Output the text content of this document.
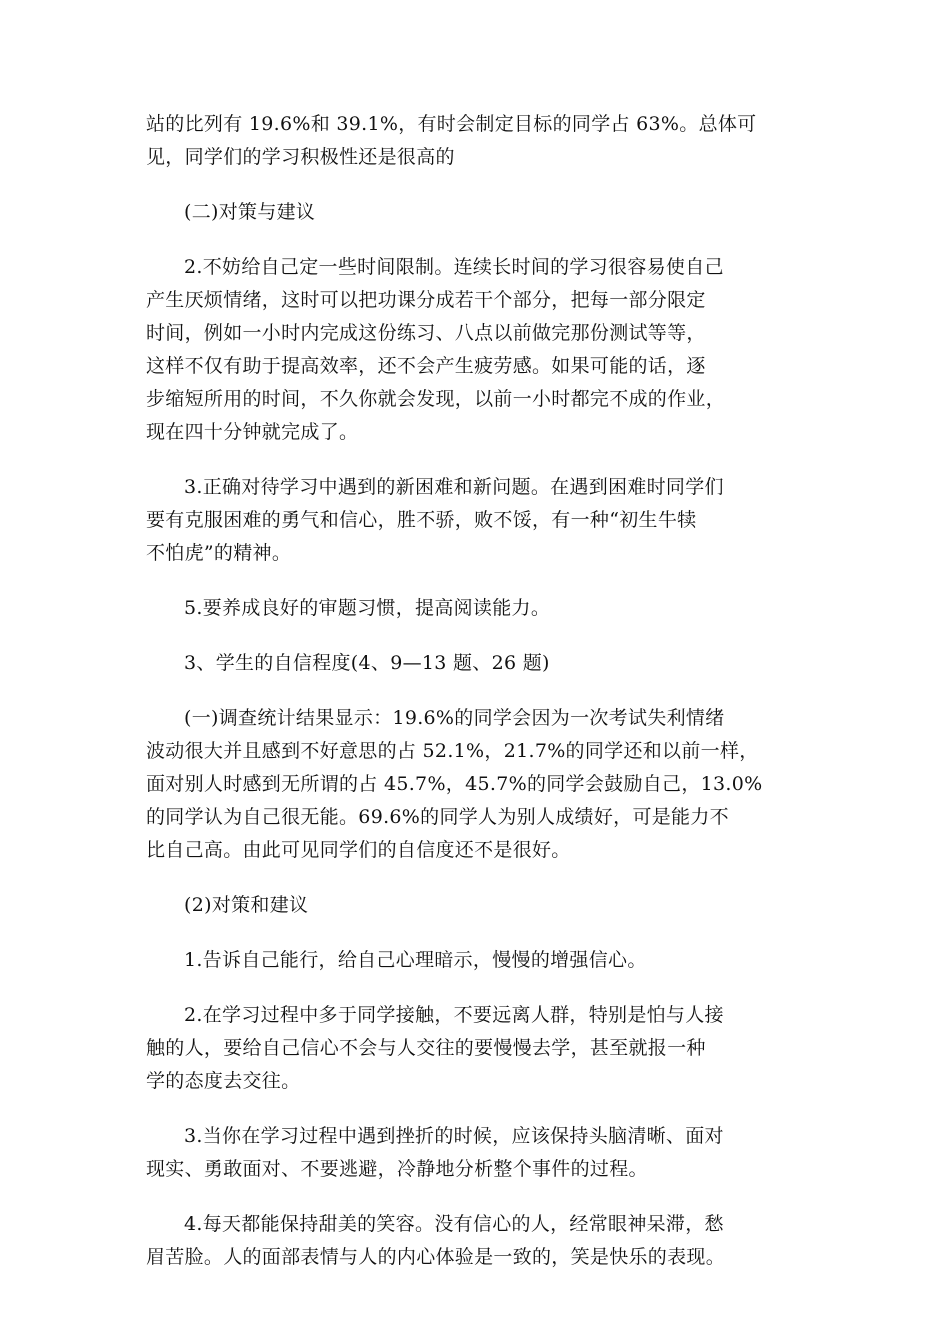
站的比列有 19.6%和 39.1%，有时会制定目标的同学占 63%。总体可
见，同学们的学习积极性还是很高的

(二)对策与建议

2.不妨给自己定一些时间限制。连续长时间的学习很容易使自己
产生厌烦情绪，这时可以把功课分成若干个部分，把每一部分限定
时间，例如一小时内完成这份练习、八点以前做完那份测试等等，
这样不仅有助于提高效率，还不会产生疲劳感。如果可能的话，逐
步缩短所用的时间，不久你就会发现，以前一小时都完不成的作业，
现在四十分钟就完成了。

3.正确对待学习中遇到的新困难和新问题。在遇到困难时同学们
要有克服困难的勇气和信心，胜不骄，败不馁，有一种“初生牛犊
不怕虎”的精神。

5.要养成良好的审题习惯，提高阅读能力。

3、学生的自信程度(4、9—13 题、26 题)

(一)调查统计结果显示：19.6%的同学会因为一次考试失利情绪
波动很大并且感到不好意思的占 52.1%，21.7%的同学还和以前一样，
面对别人时感到无所谓的占 45.7%，45.7%的同学会鼓励自己，13.0%
的同学认为自己很无能。69.6%的同学人为别人成绩好，可是能力不
比自己高。由此可见同学们的自信度还不是很好。

(2)对策和建议

1.告诉自己能行，给自己心理暗示，慢慢的增强信心。

2.在学习过程中多于同学接触，不要远离人群，特别是怕与人接
触的人，要给自己信心不会与人交往的要慢慢去学，甚至就报一种
学的态度去交往。

3.当你在学习过程中遇到挫折的时候，应该保持头脑清晰、面对
现实、勇敢面对、不要逃避，冷静地分析整个事件的过程。

4.每天都能保持甜美的笑容。没有信心的人，经常眼神呆滞，愁
眉苦脸。人的面部表情与人的内心体验是一致的，笑是快乐的表现。
